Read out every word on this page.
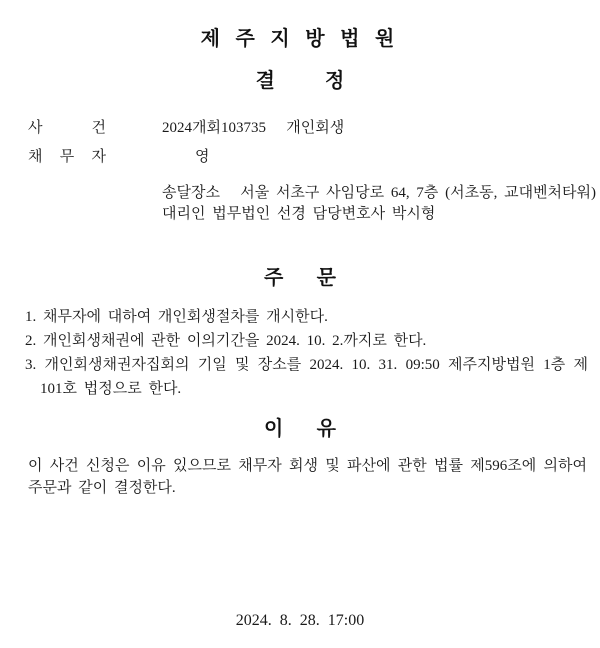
제 주 지 방 법 원
결         정
사 건	2024개회103735   개인회생
채 무 자	영
송달장소   서울 서초구 사임당로 64, 7층 (서초동, 교대벤처타워)
대리인 법무법인 선경 담당변호사 박시형
주      문
1. 채무자에 대하여 개인회생절차를 개시한다.
2. 개인회생채권에 관한 이의기간을 2024. 10. 2.까지로 한다.
3. 개인회생채권자집회의 기일 및 장소를 2024. 10. 31. 09:50 제주지방법원 1층 제
101호 법정으로 한다.
이      유
이 사건 신청은 이유 있으므로 채무자 회생 및 파산에 관한 법률 제596조에 의하여
주문과 같이 결정한다.
2024. 8. 28. 17:00
